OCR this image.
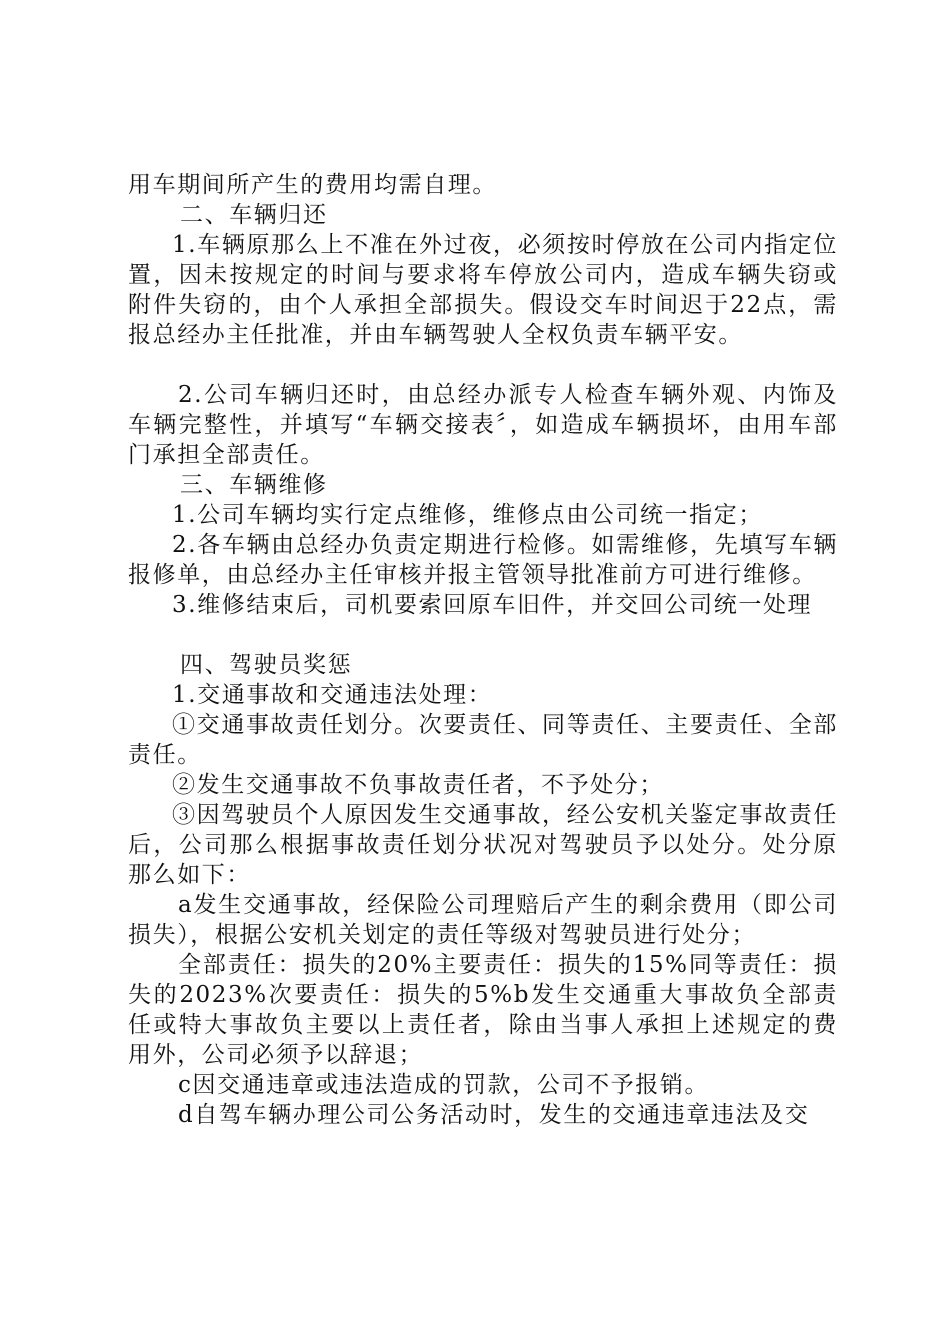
用车期间所产生的费用均需自理。

二、车辆归还

1.车辆原那么上不准在外过夜，必须按时停放在公司内指定位置，因未按规定的时间与要求将车停放公司内，造成车辆失窃或附件失窃的，由个人承担全部损失。假设交车时间迟于22点，需报总经办主任批准，并由车辆驾驶人全权负责车辆平安。

2.公司车辆归还时，由总经办派专人检查车辆外观、内饰及车辆完整性，并填写“车辆交接表〞，如造成车辆损坏，由用车部门承担全部责任。

三、车辆维修

1.公司车辆均实行定点维修，维修点由公司统一指定；

2.各车辆由总经办负责定期进行检修。如需维修，先填写车辆报修单，由总经办主任审核并报主管领导批准前方可进行维修。

3.维修结束后，司机要索回原车旧件，并交回公司统一处理

四、驾驶员奖惩

1.交通事故和交通违法处理：

①交通事故责任划分。次要责任、同等责任、主要责任、全部责任。

②发生交通事故不负事故责任者，不予处分；

③因驾驶员个人原因发生交通事故，经公安机关鉴定事故责任后，公司那么根据事故责任划分状况对驾驶员予以处分。处分原那么如下：

a发生交通事故，经保险公司理赔后产生的剩余费用（即公司损失），根据公安机关划定的责任等级对驾驶员进行处分；

全部责任：损失的20%主要责任：损失的15%同等责任：损失的2023%次要责任：损失的5%b发生交通重大事故负全部责任或特大事故负主要以上责任者，除由当事人承担上述规定的费用外，公司必须予以辞退；

c因交通违章或违法造成的罚款，公司不予报销。

d自驾车辆办理公司公务活动时，发生的交通违章违法及交
